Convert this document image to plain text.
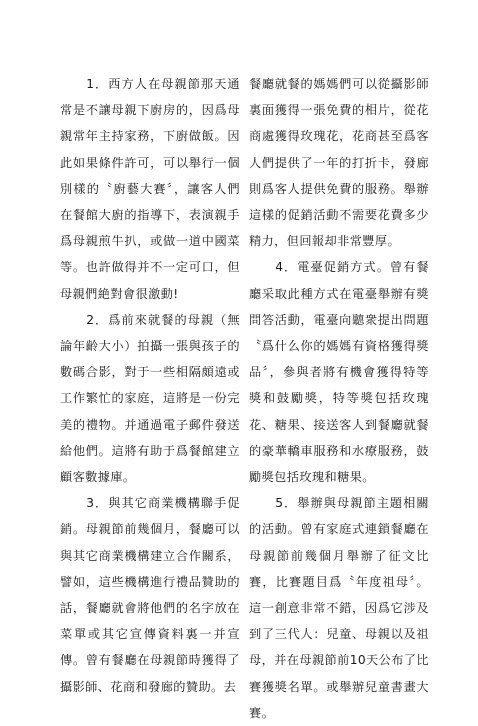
1．西方人在母親節那天通常是不讓母親下廚房的，因爲母親常年主持家務，下廚做飯。因此如果條件許可，可以舉行一個別樣的〝廚藝大賽〞，讓客人們在餐館大廚的指導下，表演親手爲母親煎牛扒，或做一道中國菜等。也許做得并不一定可口，但母親們絶對會很激動!

2．爲前來就餐的母親（無論年齡大小）拍攝一張與孩子的數碼合影，對于一些相隔頗遠或工作繁忙的家庭，這將是一份完美的禮物。并通過電子郵件發送給他們。這將有助于爲餐館建立顧客數據庫。

3．與其它商業機構聯手促銷。母親節前幾個月，餐廳可以與其它商業機構建立合作關系，譬如，這些機構進行禮品贊助的話，餐廳就會將他們的名字放在菜單或其它宣傳資料裏一并宣傳。曾有餐廳在母親節時獲得了攝影師、花商和發廊的贊助。去

餐廳就餐的媽媽們可以從攝影師裏面獲得一張免費的相片，從花商處獲得玫瑰花，花商甚至爲客人們提供了一年的打折卡，發廊則爲客人提供免費的服務。舉辦這樣的促銷活動不需要花費多少精力，但回報却非常豐厚。

4．電臺促銷方式。曾有餐廳采取此種方式在電臺舉辦有獎問答活動，電臺向聽衆提出問題〝爲什么你的媽媽有資格獲得獎品〞，參與者將有機會獲得特等獎和鼓勵獎，特等獎包括玫瑰花、糖果、接送客人到餐廳就餐的豪華轎車服務和水療服務，鼓勵獎包括玫瑰和糖果。

5．舉辦與母親節主題相關的活動。曾有家庭式連鎖餐廳在母親節前幾個月舉辦了征文比賽，比賽題目爲〝年度祖母〞。這一創意非常不錯，因爲它涉及到了三代人：兒童、母親以及祖母，并在母親節前10天公布了比賽獲獎名單。或舉辦兒童書畫大賽。
